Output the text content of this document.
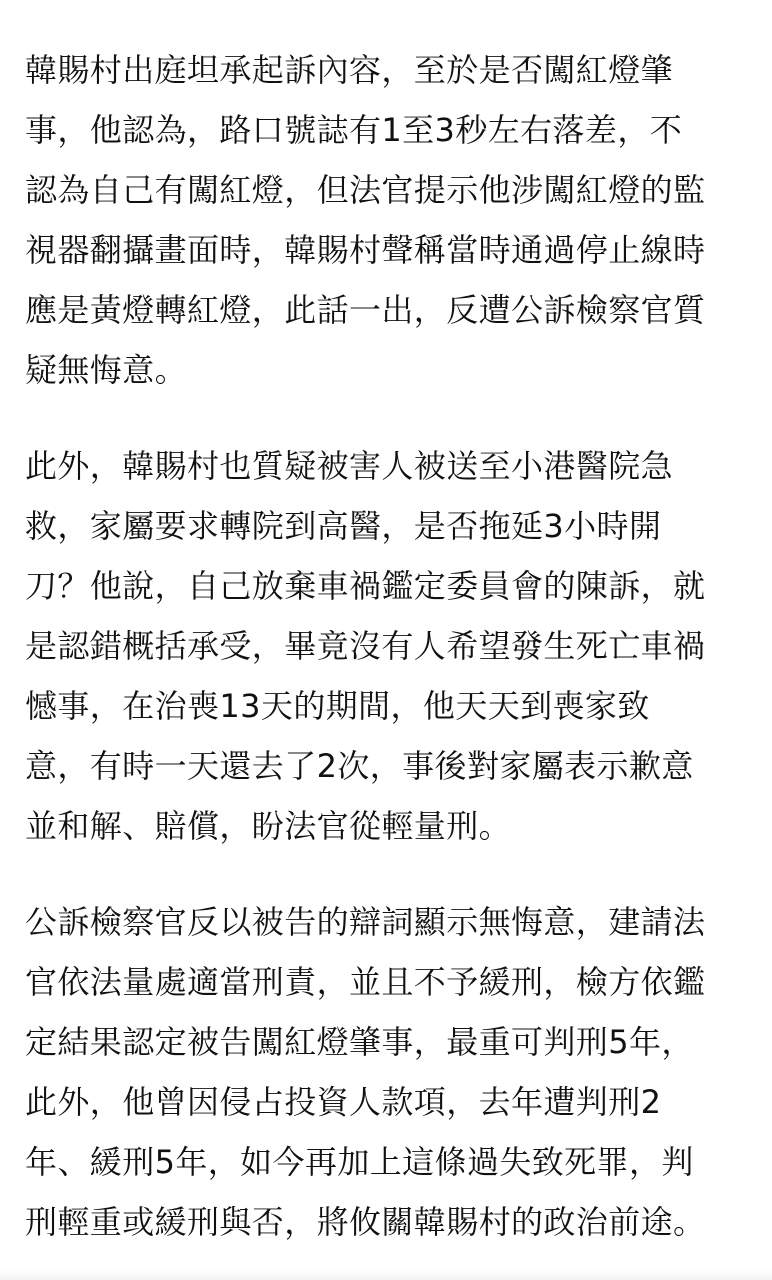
韓賜村出庭坦承起訴內容，至於是否闖紅燈肇
事，他認為，路口號誌有1至3秒左右落差，不
認為自己有闖紅燈，但法官提示他涉闖紅燈的監
視器翻攝畫面時，韓賜村聲稱當時通過停止線時
應是黃燈轉紅燈，此話一出，反遭公訴檢察官質
疑無悔意。

此外，韓賜村也質疑被害人被送至小港醫院急
救，家屬要求轉院到高醫，是否拖延3小時開
刀？他說，自己放棄車禍鑑定委員會的陳訴，就
是認錯概括承受，畢竟沒有人希望發生死亡車禍
憾事，在治喪13天的期間，他天天到喪家致
意，有時一天還去了2次，事後對家屬表示歉意
並和解、賠償，盼法官從輕量刑。

公訴檢察官反以被告的辯詞顯示無悔意，建請法
官依法量處適當刑責，並且不予緩刑，檢方依鑑
定結果認定被告闖紅燈肇事，最重可判刑5年，
此外，他曾因侵占投資人款項，去年遭判刑2
年、緩刑5年，如今再加上這條過失致死罪，判
刑輕重或緩刑與否，將攸關韓賜村的政治前途。
